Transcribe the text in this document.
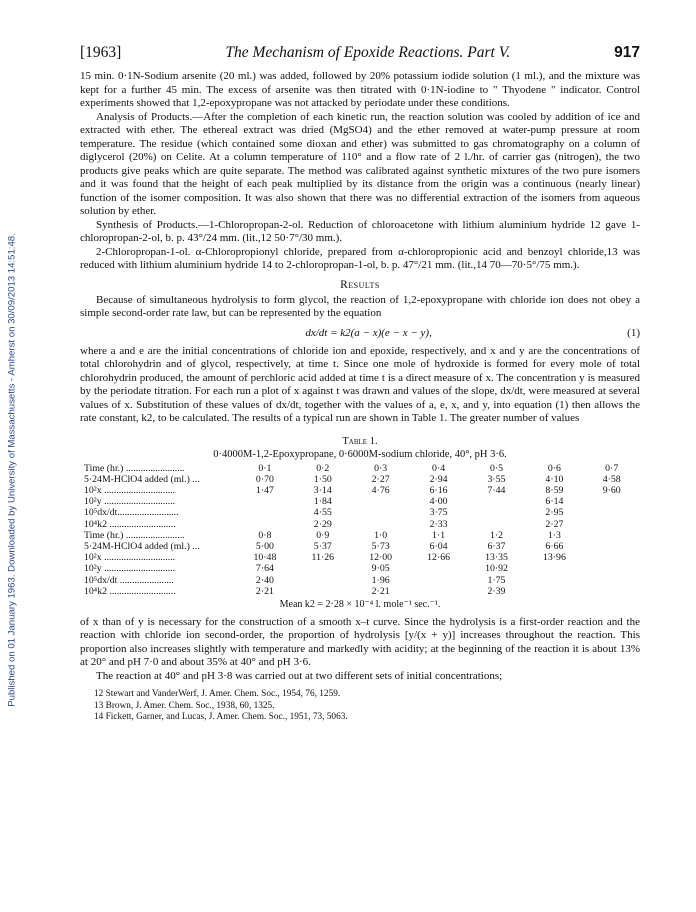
Published on 01 January 1963. Downloaded by University of Massachusetts - Amherst on 30/09/2013 14:51:48.
[1963]	The Mechanism of Epoxide Reactions. Part V.	917

15 min. 0·1N-Sodium arsenite (20 ml.) was added, followed by 20% potassium iodide solution (1 ml.), and the mixture was kept for a further 45 min. The excess of arsenite was then titrated with 0·1N-iodine to " Thyodene " indicator. Control experiments showed that 1,2-epoxypropane was not attacked by periodate under these conditions.

Analysis of Products.—After the completion of each kinetic run, the reaction solution was cooled by addition of ice and extracted with ether. The ethereal extract was dried (MgSO4) and the ether removed at water-pump pressure at room temperature. The residue (which contained some dioxan and ether) was submitted to gas chromatography on a column of diglycerol (20%) on Celite. At a column temperature of 110° and a flow rate of 2 l./hr. of carrier gas (nitrogen), the two products give peaks which are quite separate. The method was calibrated against synthetic mixtures of the two pure isomers and it was found that the height of each peak multiplied by its distance from the origin was a continuous (nearly linear) function of the isomer composition. It was also shown that there was no differential extraction of the isomers from aqueous solution by ether.

Synthesis of Products.—1-Chloropropan-2-ol. Reduction of chloroacetone with lithium aluminium hydride 12 gave 1-chloropropan-2-ol, b. p. 43°/24 mm. (lit.,12 50·7°/30 mm.).

2-Chloropropan-1-ol. α-Chloropropionyl chloride, prepared from α-chloropropionic acid and benzoyl chloride,13 was reduced with lithium aluminium hydride 14 to 2-chloropropan-1-ol, b. p. 47°/21 mm. (lit.,14 70—70·5°/75 mm.).

Results

Because of simultaneous hydrolysis to form glycol, the reaction of 1,2-epoxypropane with chloride ion does not obey a simple second-order rate law, but can be represented by the equation

dx/dt = k2(a − x)(e − x − y),	(1)

where a and e are the initial concentrations of chloride ion and epoxide, respectively, and x and y are the concentrations of total chlorohydrin and of glycol, respectively, at time t. Since one mole of hydroxide is formed for every mole of total chlorohydrin produced, the amount of perchloric acid added at time t is a direct measure of x. The concentration y is measured by the periodate titration. For each run a plot of x against t was drawn and values of the slope, dx/dt, were measured at several values of x. Substitution of these values of dx/dt, together with the values of a, e, x, and y, into equation (1) then allows the rate constant, k2, to be calculated. The results of a typical run are shown in Table 1. The greater number of values

Table 1.
0·4000M-1,2-Epoxypropane, 0·6000M-sodium chloride, 40°, pH 3·6.
Time (hr.) ........................	0·1	0·2	0·3	0·4	0·5	0·6	0·7
5·24M-HClO4 added (ml.) ...	0·70	1·50	2·27	2·94	3·55	4·10	4·58
10²x .............................	1·47	3·14	4·76	6·16	7·44	8·59	9·60
10²y .............................		1·84		4·00		6·14	
10⁵dx/dt.........................		4·55		3·75		2·95	
10⁴k2 ...........................		2·29		2·33		2·27	
Time (hr.) ........................	0·8	0·9	1·0	1·1	1·2	1·3	
5·24M-HClO4 added (ml.) ...	5·00	5·37	5·73	6·04	6·37	6·66	
10²x .............................	10·48	11·26	12·00	12·66	13·35	13·96	
10²y .............................	7·64		9·05		10·92		
10⁵dx/dt ......................	2·40		1·96		1·75		
10⁴k2 ...........................	2·21		2·21		2·39		
Mean k2 = 2·28 × 10⁻⁴ l. mole⁻¹ sec.⁻¹.

of x than of y is necessary for the construction of a smooth x–t curve. Since the hydrolysis is a first-order reaction and the reaction with chloride ion second-order, the proportion of hydrolysis [y/(x + y)] increases throughout the reaction. This proportion also increases slightly with temperature and markedly with acidity; at the beginning of the reaction it is about 13% at 20° and pH 7·0 and about 35% at 40° and pH 3·6.

The reaction at 40° and pH 3·8 was carried out at two different sets of initial concentrations;

12 Stewart and VanderWerf, J. Amer. Chem. Soc., 1954, 76, 1259.
13 Brown, J. Amer. Chem. Soc., 1938, 60, 1325.
14 Fickett, Garner, and Lucas, J. Amer. Chem. Soc., 1951, 73, 5063.
